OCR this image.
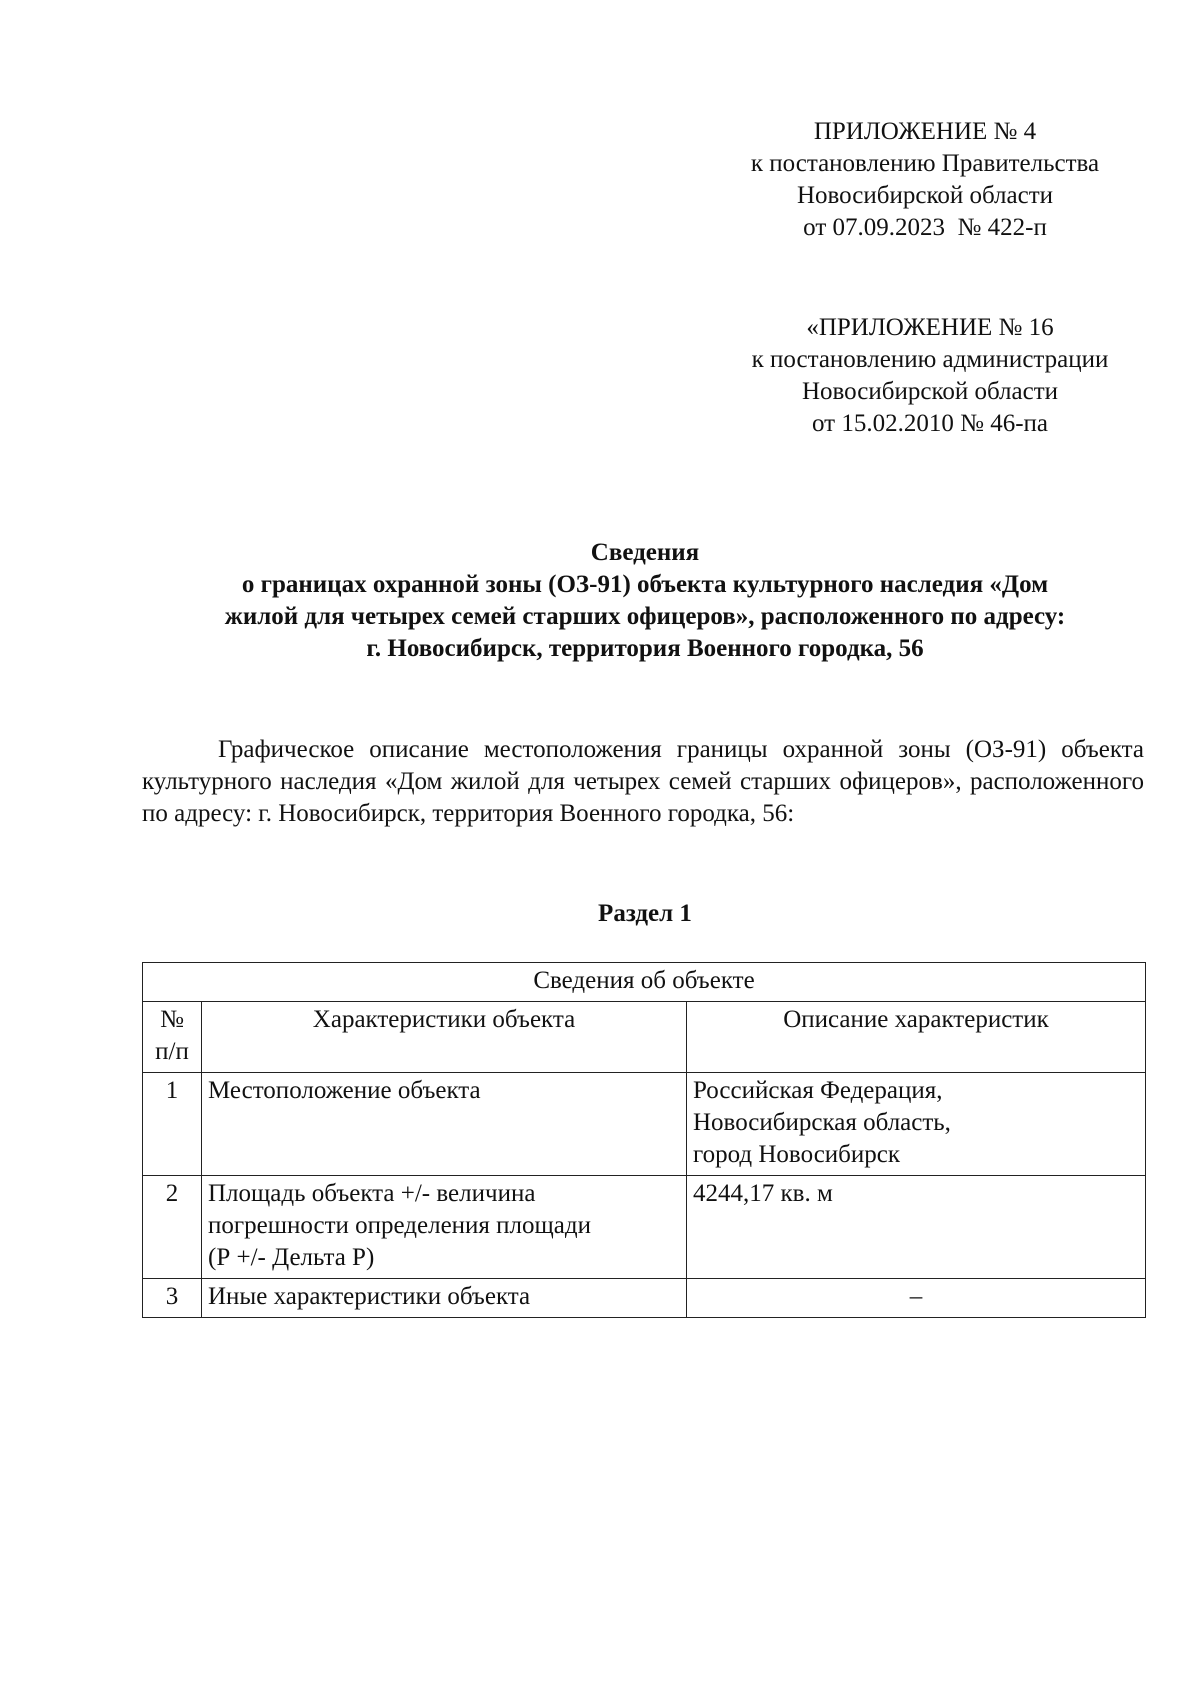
ПРИЛОЖЕНИЕ № 4
к постановлению Правительства
Новосибирской области
от 07.09.2023  № 422-п
«ПРИЛОЖЕНИЕ № 16
к постановлению администрации
Новосибирской области
от 15.02.2010 № 46-па
Сведения
о границах охранной зоны (ОЗ-91) объекта культурного наследия «Дом
жилой для четырех семей старших офицеров», расположенного по адресу:
г. Новосибирск, территория Военного городка, 56
Графическое описание местоположения границы охранной зоны (ОЗ-91) объекта культурного наследия «Дом жилой для четырех семей старших офицеров», расположенного по адресу: г. Новосибирск, территория Военного городка, 56:
Раздел 1
Сведения об объекте		

№
п/п	Характеристики объекта	Описание характеристик
1	Местоположение объекта	Российская Федерация,
Новосибирская область,
город Новосибирск

2	Площадь объекта +/- величина
погрешности определения площади
(Р +/- Дельта Р)	4244,17 кв. м

3	Иные характеристики объекта	–
